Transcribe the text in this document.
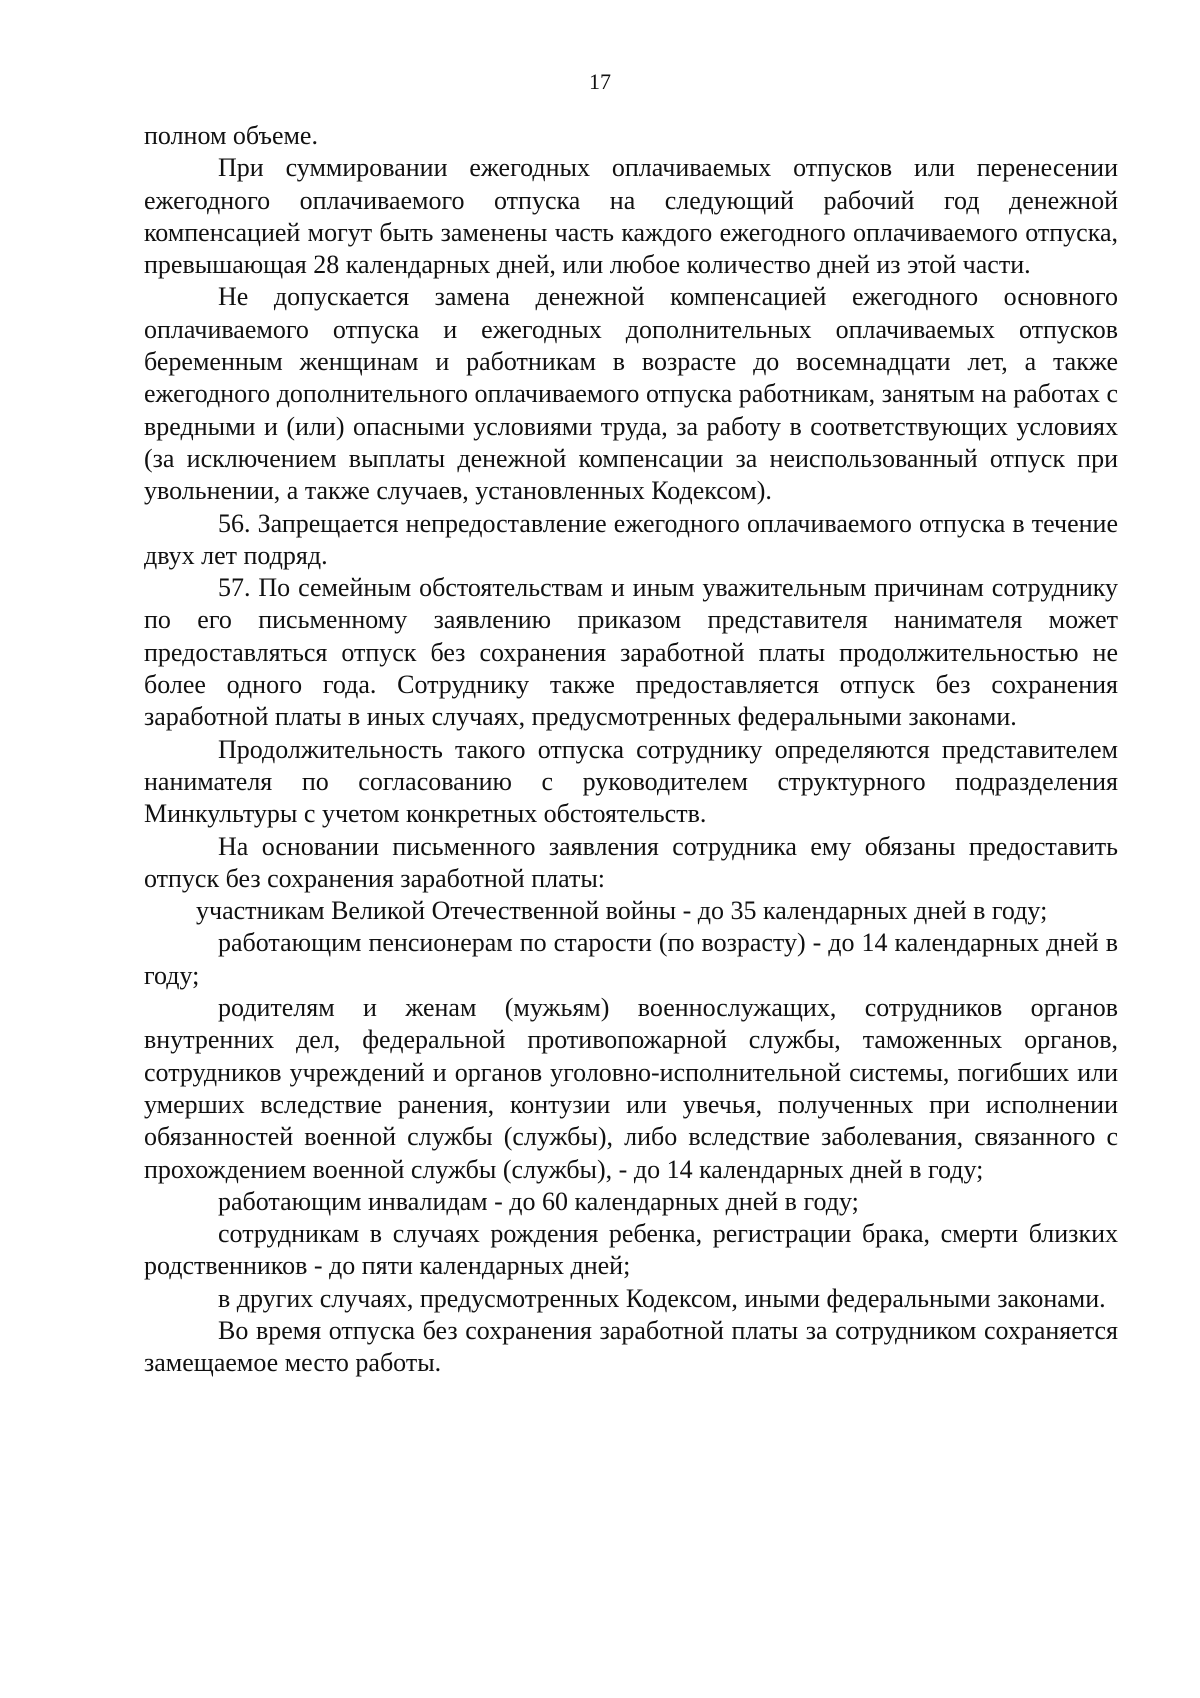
17

полном объеме.

При суммировании ежегодных оплачиваемых отпусков или перенесении ежегодного оплачиваемого отпуска на следующий рабочий год денежной компенсацией могут быть заменены часть каждого ежегодного оплачиваемого отпуска, превышающая 28 календарных дней, или любое количество дней из этой части.

Не допускается замена денежной компенсацией ежегодного основного оплачиваемого отпуска и ежегодных дополнительных оплачиваемых отпусков беременным женщинам и работникам в возрасте до восемнадцати лет, а также ежегодного дополнительного оплачиваемого отпуска работникам, занятым на работах с вредными и (или) опасными условиями труда, за работу в соответствующих условиях (за исключением выплаты денежной компенсации за неиспользованный отпуск при увольнении, а также случаев, установленных Кодексом).

56. Запрещается непредоставление ежегодного оплачиваемого отпуска в течение двух лет подряд.

57. По семейным обстоятельствам и иным уважительным причинам сотруднику по его письменному заявлению приказом представителя нанимателя может предоставляться отпуск без сохранения заработной платы продолжительностью не более одного года. Сотруднику также предоставляется отпуск без сохранения заработной платы в иных случаях, предусмотренных федеральными законами.

Продолжительность такого отпуска сотруднику определяются представителем нанимателя по согласованию с руководителем структурного подразделения Минкультуры с учетом конкретных обстоятельств.

На основании письменного заявления сотрудника ему обязаны предоставить отпуск без сохранения заработной платы:

участникам Великой Отечественной войны - до 35 календарных дней в году;

работающим пенсионерам по старости (по возрасту) - до 14 календарных дней в году;

родителям и женам (мужьям) военнослужащих, сотрудников органов внутренних дел, федеральной противопожарной службы, таможенных органов, сотрудников учреждений и органов уголовно-исполнительной системы, погибших или умерших вследствие ранения, контузии или увечья, полученных при исполнении обязанностей военной службы (службы), либо вследствие заболевания, связанного с прохождением военной службы (службы), - до 14 календарных дней в году;

работающим инвалидам - до 60 календарных дней в году;

сотрудникам в случаях рождения ребенка, регистрации брака, смерти близких родственников - до пяти календарных дней;

в других случаях, предусмотренных Кодексом, иными федеральными законами.

Во время отпуска без сохранения заработной платы за сотрудником сохраняется замещаемое место работы.
